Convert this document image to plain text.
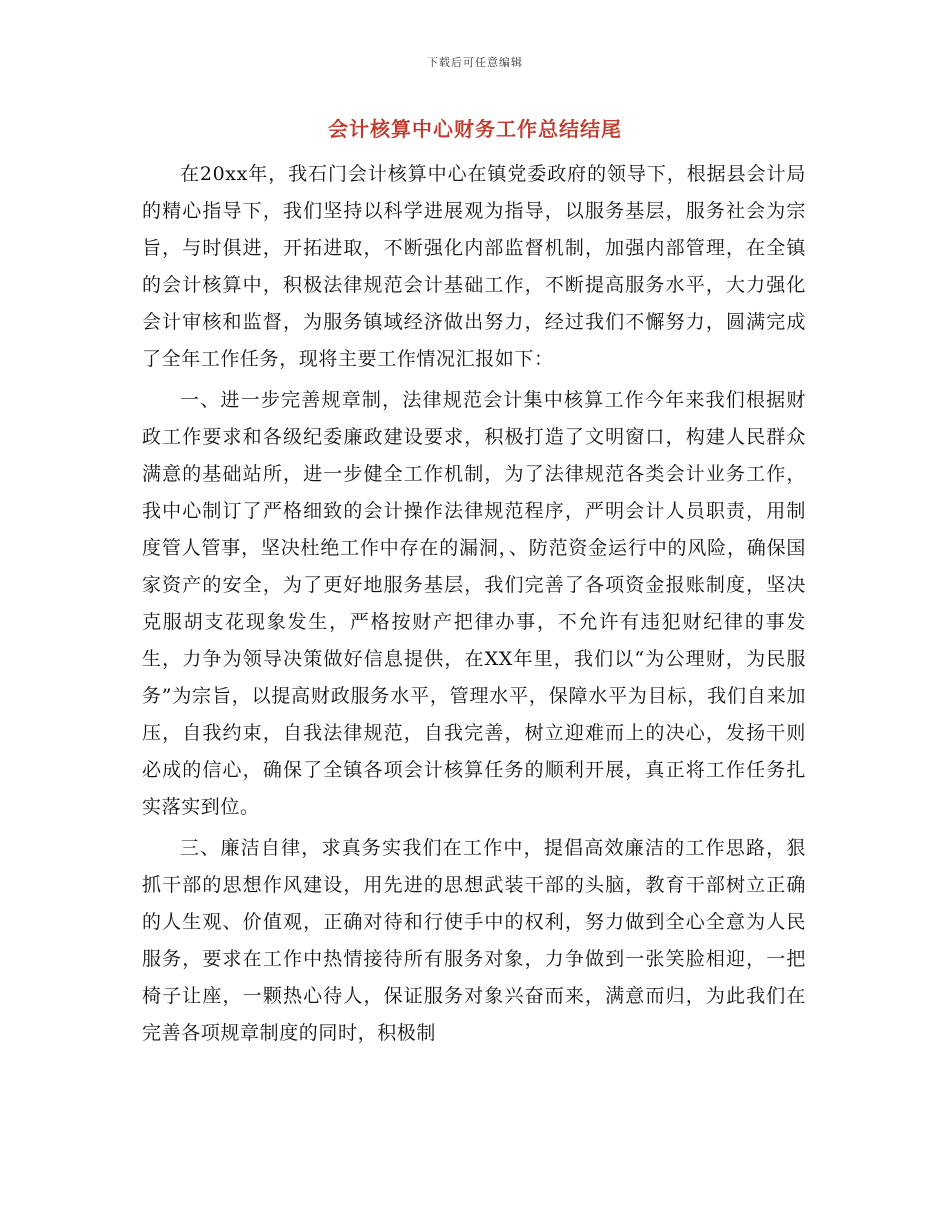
下载后可任意编辑
会计核算中心财务工作总结结尾

在20xx年，我石门会计核算中心在镇党委政府的领导下，根据县会计局的精心指导下，我们坚持以科学进展观为指导，以服务基层，服务社会为宗旨，与时俱进，开拓进取，不断强化内部监督机制，加强内部管理，在全镇的会计核算中，积极法律规范会计基础工作，不断提高服务水平，大力强化会计审核和监督，为服务镇域经济做出努力，经过我们不懈努力，圆满完成了全年工作任务，现将主要工作情况汇报如下：

一、进一步完善规章制，法律规范会计集中核算工作今年来我们根据财政工作要求和各级纪委廉政建设要求，积极打造了文明窗口，构建人民群众满意的基础站所，进一步健全工作机制，为了法律规范各类会计业务工作，我中心制订了严格细致的会计操作法律规范程序，严明会计人员职责，用制度管人管事，坚决杜绝工作中存在的漏洞，、防范资金运行中的风险，确保国家资产的安全，为了更好地服务基层，我们完善了各项资金报账制度，坚决克服胡支花现象发生，严格按财产把律办事，不允许有违犯财纪律的事发生，力争为领导决策做好信息提供，在XX年里，我们以“为公理财，为民服务”为宗旨，以提高财政服务水平，管理水平，保障水平为目标，我们自来加压，自我约束，自我法律规范，自我完善，树立迎难而上的决心，发扬干则必成的信心，确保了全镇各项会计核算任务的顺利开展，真正将工作任务扎实落实到位。

三、廉洁自律，求真务实我们在工作中，提倡高效廉洁的工作思路，狠抓干部的思想作风建设，用先进的思想武装干部的头脑，教育干部树立正确的人生观、价值观，正确对待和行使手中的权利，努力做到全心全意为人民服务，要求在工作中热情接待所有服务对象，力争做到一张笑脸相迎，一把椅子让座，一颗热心待人，保证服务对象兴奋而来，满意而归，为此我们在完善各项规章制度的同时，积极制
